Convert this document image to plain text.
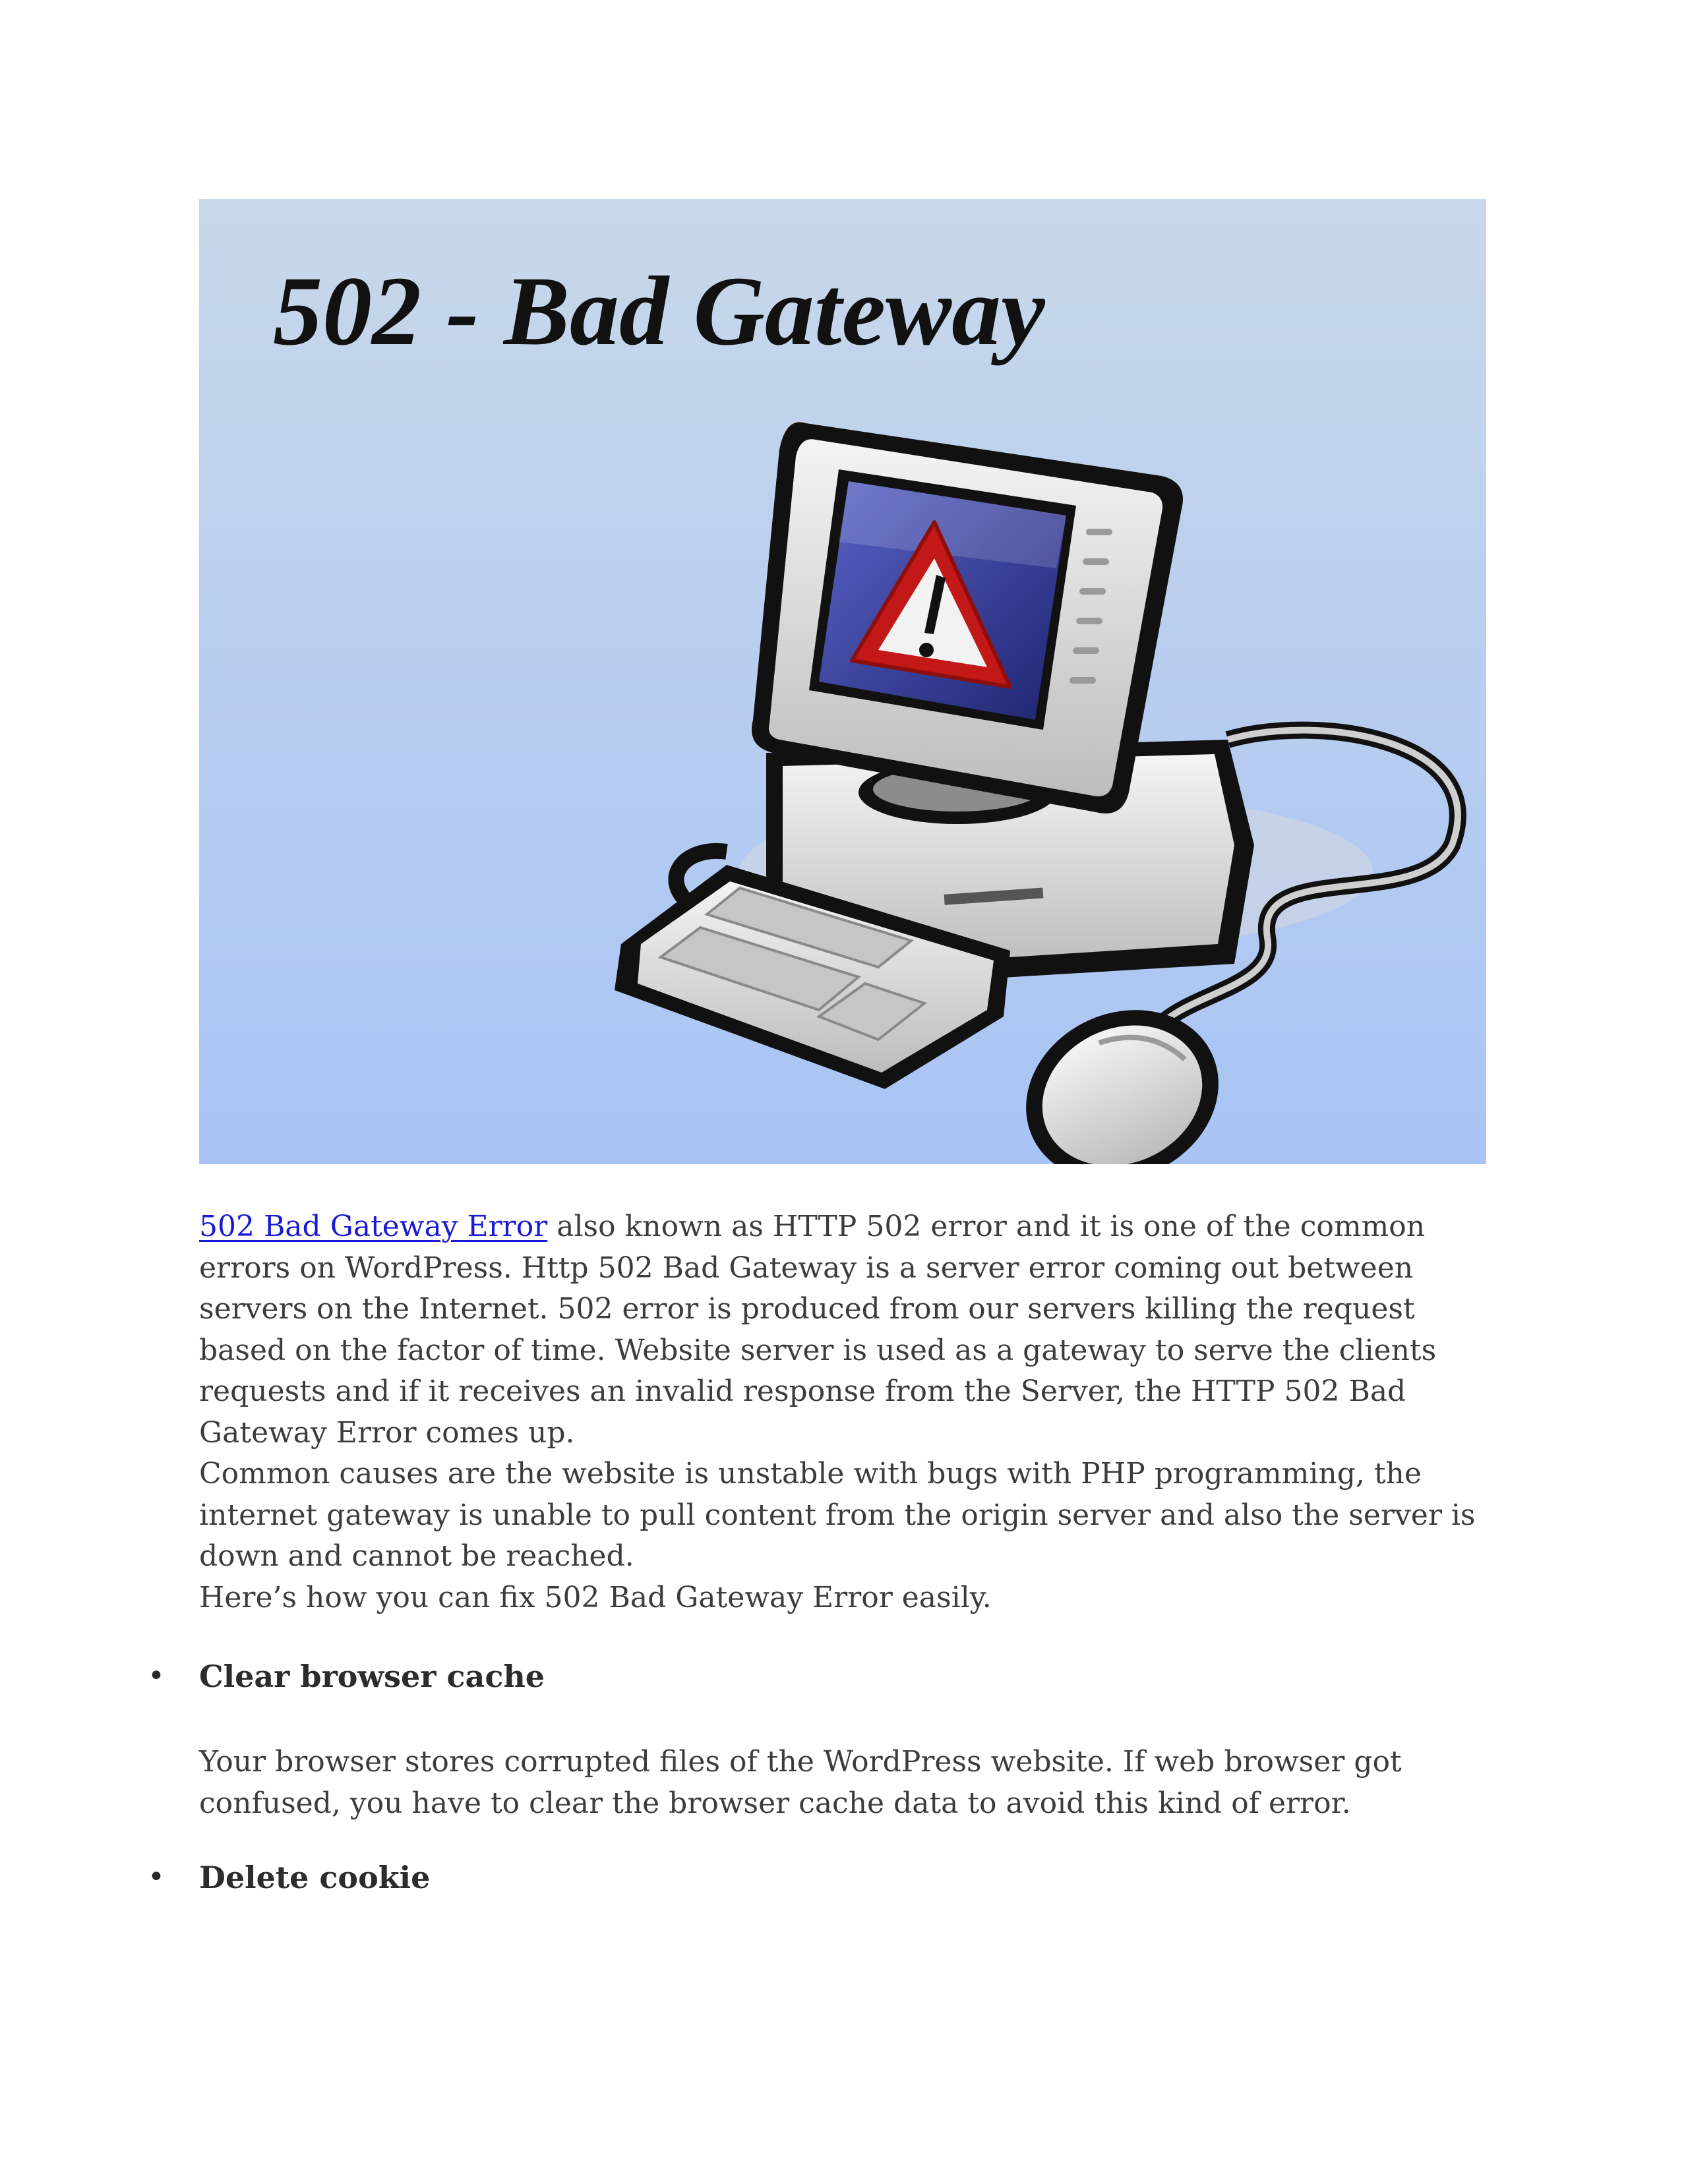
502 - Bad Gateway
502 Bad Gateway Error also known as HTTP 502 error and it is one of the common errors on WordPress. Http 502 Bad Gateway is a server error coming out between servers on the Internet. 502 error is produced from our servers killing the request based on the factor of time. Website server is used as a gateway to serve the clients requests and if it receives an invalid response from the Server, the HTTP 502 Bad Gateway Error comes up.
Common causes are the website is unstable with bugs with PHP programming, the internet gateway is unable to pull content from the origin server and also the server is down and cannot be reached.
Here’s how you can fix 502 Bad Gateway Error easily.
• Clear browser cache
Your browser stores corrupted files of the WordPress website. If web browser got confused, you have to clear the browser cache data to avoid this kind of error.
• Delete cookie
